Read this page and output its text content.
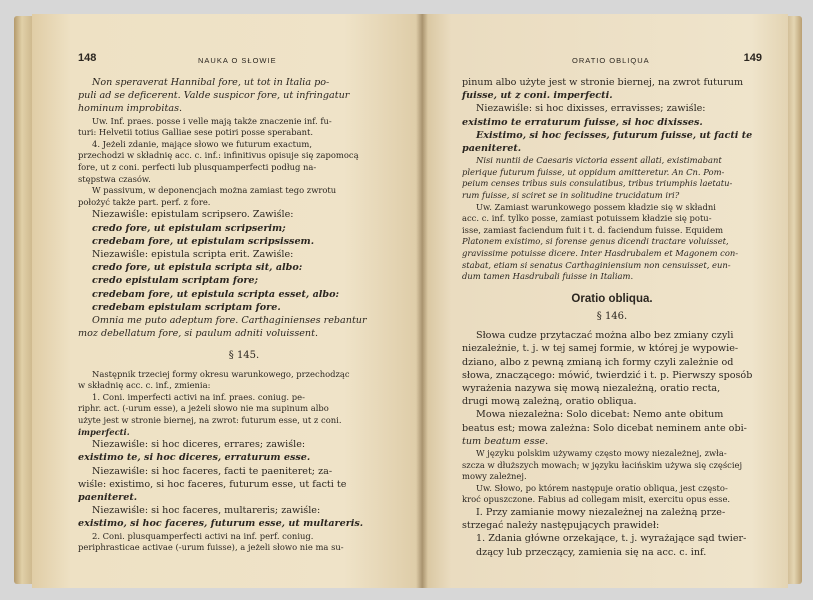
148	NAUKA O SŁOWIE

Non speraverat Hannibal fore, ut tot in Italia po-

puli ad se deficerent. Valde suspicor fore, ut infringatur

hominum improbitas.

Uw. Inf. praes. posse i velle mają także znaczenie inf. fu-

turi: Helvetii totius Galliae sese potiri posse sperabant.

4. Jeżeli zdanie, mające słowo we futurum exactum,

przechodzi w składnię acc. c. inf.: infinitivus opisuje się zapomocą

fore, ut z coni. perfecti lub plusquamperfecti podług na-

stępstwa czasów.

W passivum, w deponencjach można zamiast tego zwrotu

położyć także part. perf. z fore.

Niezawiśle: epistulam scripsero. Zawiśle:

credo fore, ut epistulam scripserim;

credebam fore, ut epistulam scripsissem.

Niezawiśle: epistula scripta erit. Zawiśle:

credo fore, ut epistula scripta sit, albo:

credo epistulam scriptam fore;

credebam fore, ut epistula scripta esset, albo:

credebam epistulam scriptam fore.

Omnia me puto adeptum fore. Carthaginienses rebantur

moz debellatum fore, si paulum adniti voluissent.

§ 145.

Następnik trzeciej formy okresu warunkowego, przechodząc

w składnię acc. c. inf., zmienia:

1. Coni. imperfecti activi na inf. praes. coniug. pe-

riphr. act. (-urum esse), a jeżeli słowo nie ma supinum albo

użyte jest w stronie biernej, na zwrot: futurum esse, ut z coni.

imperfecti.

Niezawiśle: si hoc diceres, errares; zawiśle:

existimo te, si hoc diceres, erraturum esse.

Niezawiśle: si hoc faceres, facti te paeniteret; za-

wiśle: existimo, si hoc faceres, futurum esse, ut facti te

paeniteret.

Niezawiśle: si hoc faceres, multareris; zawiśle:

existimo, si hoc faceres, futurum esse, ut multareris.

2. Coni. plusquamperfecti activi na inf. perf. coniug.

periphrasticae activae (-urum fuisse), a jeżeli słowo nie ma su-

ORATIO OBLIQUA	149

pinum albo użyte jest w stronie biernej, na zwrot futurum

fuisse, ut z coni. imperfecti.

Niezawiśle: si hoc dixisses, erravisses; zawiśle:

existimo te erraturum fuisse, si hoc dixisses.

Existimo, si hoc fecisses, futurum fuisse, ut facti te

paeniteret.

Nisi nuntii de Caesaris victoria essent allati, existimabant

plerique futurum fuisse, ut oppidum amitteretur. An Cn. Pom-

peium censes tribus suis consulatibus, tribus triumphis laetatu-

rum fuisse, si sciret se in solitudine trucidatum iri?

Uw. Zamiast warunkowego possem kładzie się w składni

acc. c. inf. tylko posse, zamiast potuissem kładzie się potu-

isse, zamiast faciendum fuit i t. d. faciendum fuisse. Equidem

Platonem existimo, si forense genus dicendi tractare voluisset,

gravissime potuisse dicere. Inter Hasdrubalem et Magonem con-

stabat, etiam si senatus Carthaginiensium non censuisset, eun-

dum tamen Hasdrubali fuisse in Italiam.

Oratio obliqua.

§ 146.

Słowa cudze przytaczać można albo bez zmiany czyli

niezależnie, t. j. w tej samej formie, w której je wypowie-

dziano, albo z pewną zmianą ich formy czyli zależnie od

słowa, znaczącego: mówić, twierdzić i t. p. Pierwszy sposób

wyrażenia nazywa się mową niezależną, oratio recta,

drugi mową zależną, oratio obliqua.

Mowa niezależna: Solo dicebat: Nemo ante obitum

beatus est; mowa zależna: Solo dicebat neminem ante obi-

tum beatum esse.

W języku polskim używamy często mowy niezależnej, zwła-

szcza w dłuższych mowach; w języku łacińskim używa się częściej

mowy zależnej.

Uw. Słowo, po którem następuje oratio obliqua, jest często-

kroć opuszczone. Fabius ad collegam misit, exercitu opus esse.

I. Przy zamianie mowy niezależnej na zależną prze-

strzegać należy następujących prawideł:

1. Zdania główne orzekające, t. j. wyrażające sąd twier-

dzący lub przeczący, zamienia się na acc. c. inf.
